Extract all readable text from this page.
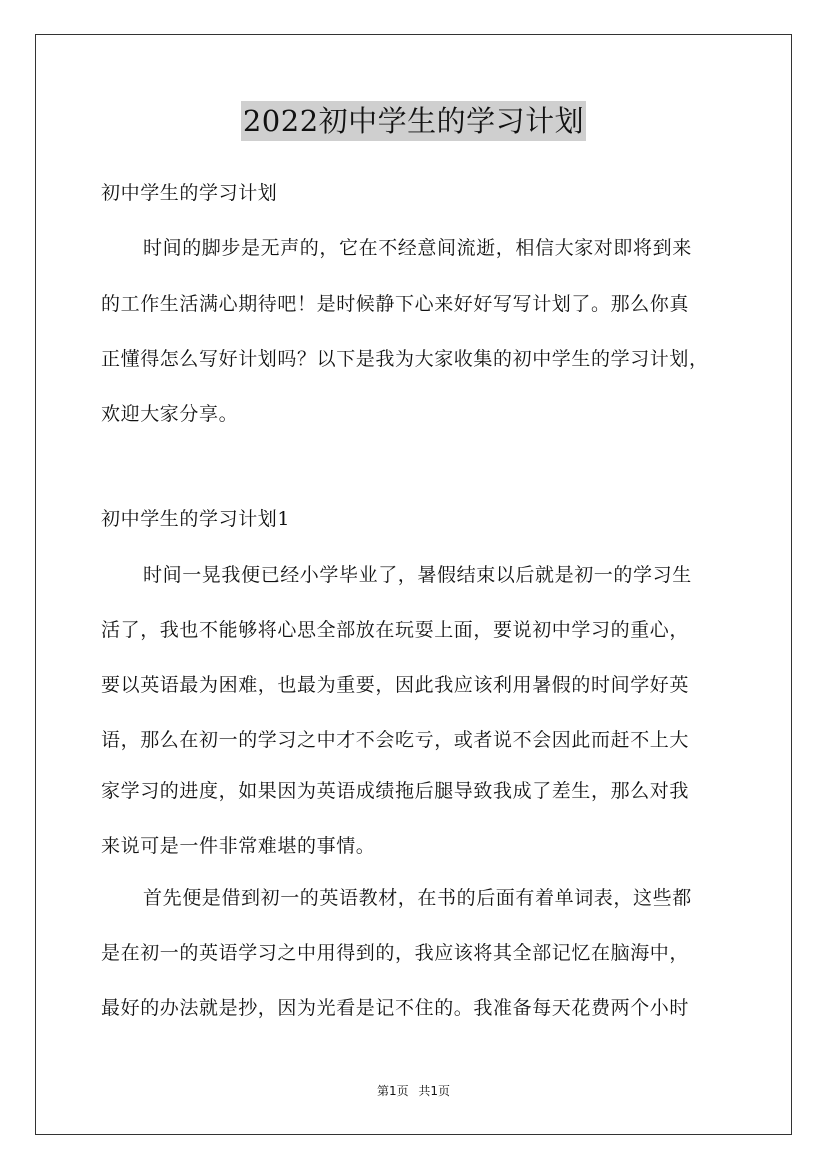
2022初中学生的学习计划
初中学生的学习计划
时间的脚步是无声的，它在不经意间流逝，相信大家对即将到来
的工作生活满心期待吧！是时候静下心来好好写写计划了。那么你真
正懂得怎么写好计划吗？以下是我为大家收集的初中学生的学习计划，
欢迎大家分享。
初中学生的学习计划1
时间一晃我便已经小学毕业了，暑假结束以后就是初一的学习生
活了，我也不能够将心思全部放在玩耍上面，要说初中学习的重心，
要以英语最为困难，也最为重要，因此我应该利用暑假的时间学好英
语，那么在初一的学习之中才不会吃亏，或者说不会因此而赶不上大
家学习的进度，如果因为英语成绩拖后腿导致我成了差生，那么对我
来说可是一件非常难堪的事情。
首先便是借到初一的英语教材，在书的后面有着单词表，这些都
是在初一的英语学习之中用得到的，我应该将其全部记忆在脑海中，
最好的办法就是抄，因为光看是记不住的。我准备每天花费两个小时
第1页 共1页
